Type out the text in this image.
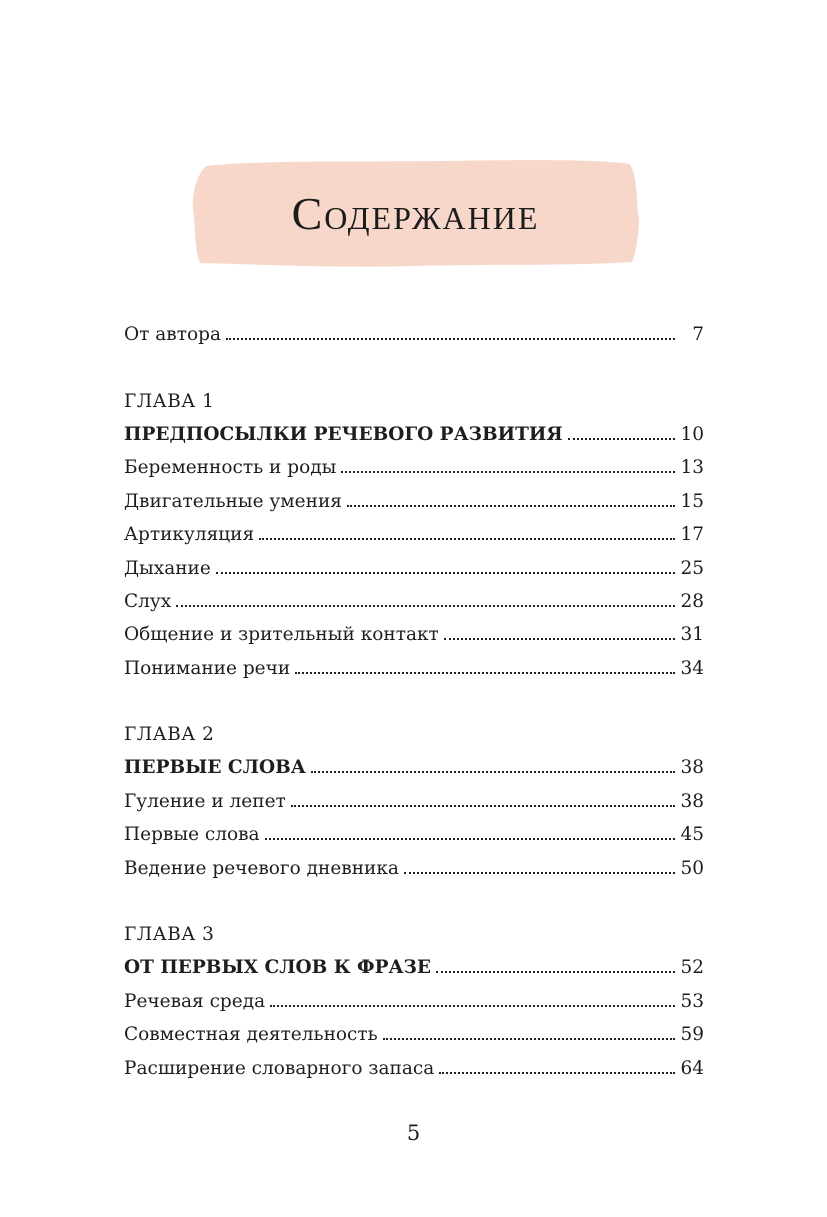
Содержание
От автора	7
ГЛАВА 1
ПРЕДПОСЫЛКИ РЕЧЕВОГО РАЗВИТИЯ	10
Беременность и роды	13
Двигательные умения	15
Артикуляция	17
Дыхание	25
Слух	28
Общение и зрительный контакт	31
Понимание речи	34
ГЛАВА 2
ПЕРВЫЕ СЛОВА	38
Гуление и лепет	38
Первые слова	45
Ведение речевого дневника	50
ГЛАВА 3
ОТ ПЕРВЫХ СЛОВ К ФРАЗЕ	52
Речевая среда	53
Совместная деятельность	59
Расширение словарного запаса	64
5
